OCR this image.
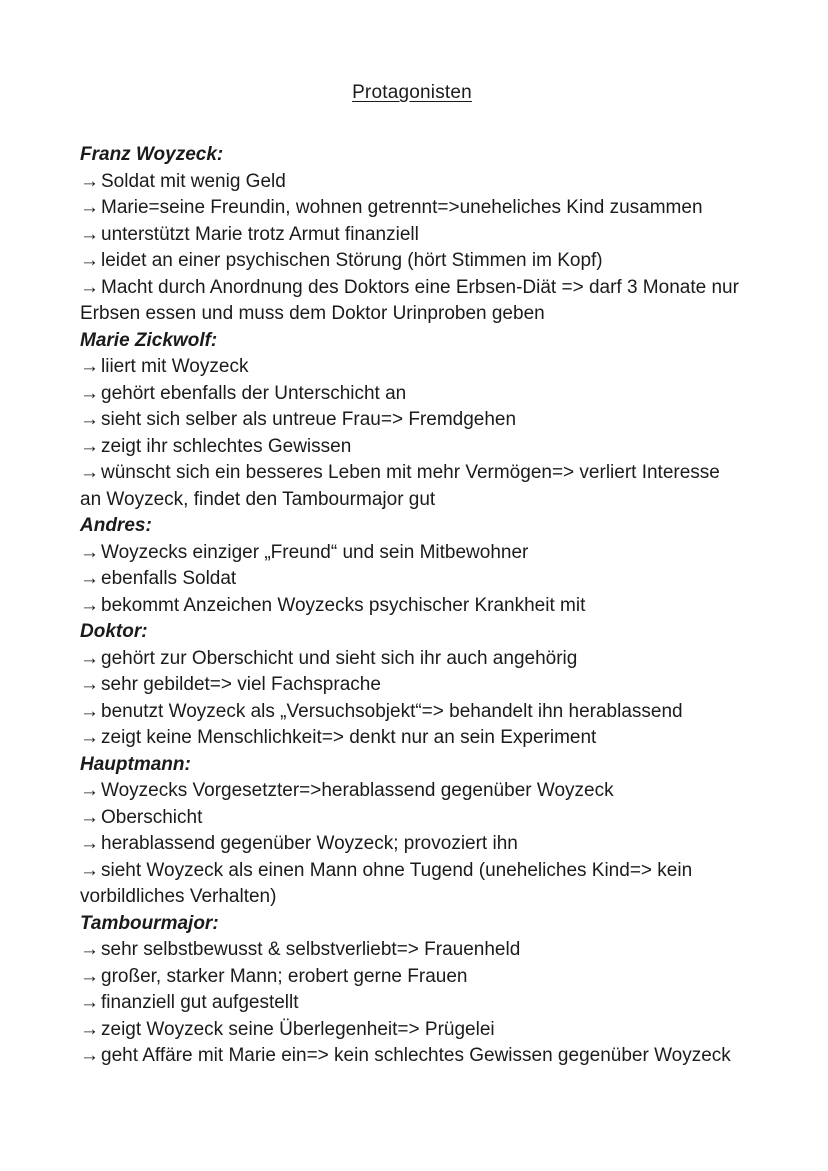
Protagonisten
Franz Woyzeck:

→ Soldat mit wenig Geld

→ Marie=seine Freundin, wohnen getrennt=>uneheliches Kind zusammen

→ unterstützt Marie trotz Armut finanziell

→ leidet an einer psychischen Störung (hört Stimmen im Kopf)

→ Macht durch Anordnung des Doktors eine Erbsen-Diät => darf 3 Monate nur Erbsen essen und muss dem Doktor Urinproben geben

Marie Zickwolf:

→ liiert mit Woyzeck

→ gehört ebenfalls der Unterschicht an

→ sieht sich selber als untreue Frau=> Fremdgehen

→ zeigt ihr schlechtes Gewissen

→ wünscht sich ein besseres Leben mit mehr Vermögen=> verliert Interesse an Woyzeck, findet den Tambourmajor gut

Andres:

→ Woyzecks einziger „Freund“ und sein Mitbewohner

→ ebenfalls Soldat

→ bekommt Anzeichen Woyzecks psychischer Krankheit mit

Doktor:

→ gehört zur Oberschicht und sieht sich ihr auch angehörig

→ sehr gebildet=> viel Fachsprache

→ benutzt Woyzeck als „Versuchsobjekt“=> behandelt ihn herablassend

→ zeigt keine Menschlichkeit=> denkt nur an sein Experiment

Hauptmann:

→ Woyzecks Vorgesetzter=>herablassend gegenüber Woyzeck

→ Oberschicht

→ herablassend gegenüber Woyzeck; provoziert ihn

→ sieht Woyzeck als einen Mann ohne Tugend (uneheliches Kind=> kein vorbildliches Verhalten)

Tambourmajor:

→ sehr selbstbewusst & selbstverliebt=> Frauenheld

→ großer, starker Mann; erobert gerne Frauen

→ finanziell gut aufgestellt

→ zeigt Woyzeck seine Überlegenheit=> Prügelei

→ geht Affäre mit Marie ein=> kein schlechtes Gewissen gegenüber Woyzeck
